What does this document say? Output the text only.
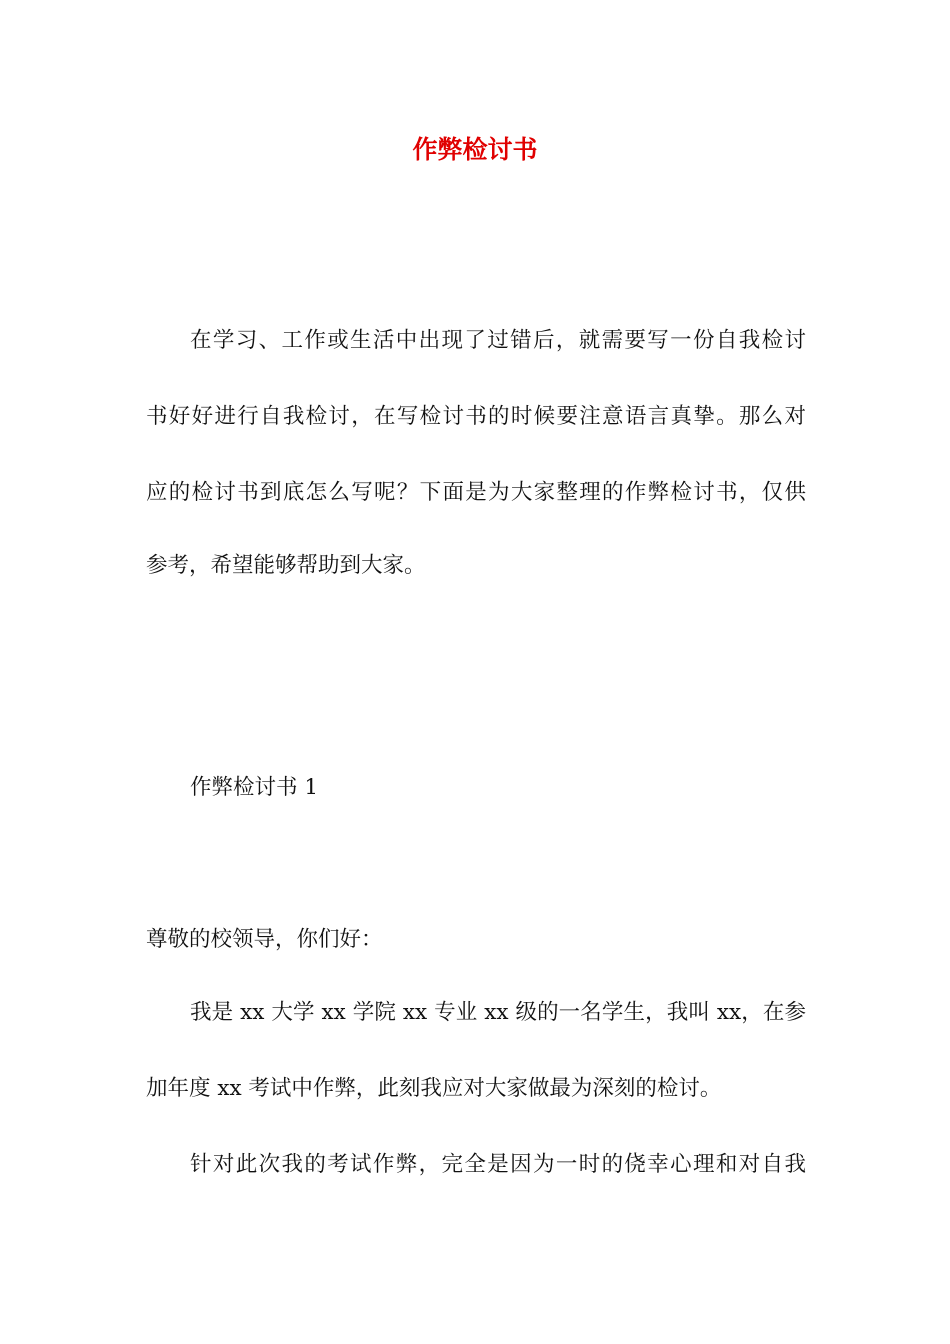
作弊检讨书
在学习、工作或生活中出现了过错后，就需要写一份自我检讨
书好好进行自我检讨，在写检讨书的时候要注意语言真挚。那么对
应的检讨书到底怎么写呢？下面是为大家整理的作弊检讨书，仅供
参考，希望能够帮助到大家。
作弊检讨书 1
尊敬的校领导，你们好：
我是 xx 大学 xx 学院 xx 专业 xx 级的一名学生，我叫 xx，在参
加年度 xx 考试中作弊，此刻我应对大家做最为深刻的检讨。
针对此次我的考试作弊，完全是因为一时的侥幸心理和对自我
